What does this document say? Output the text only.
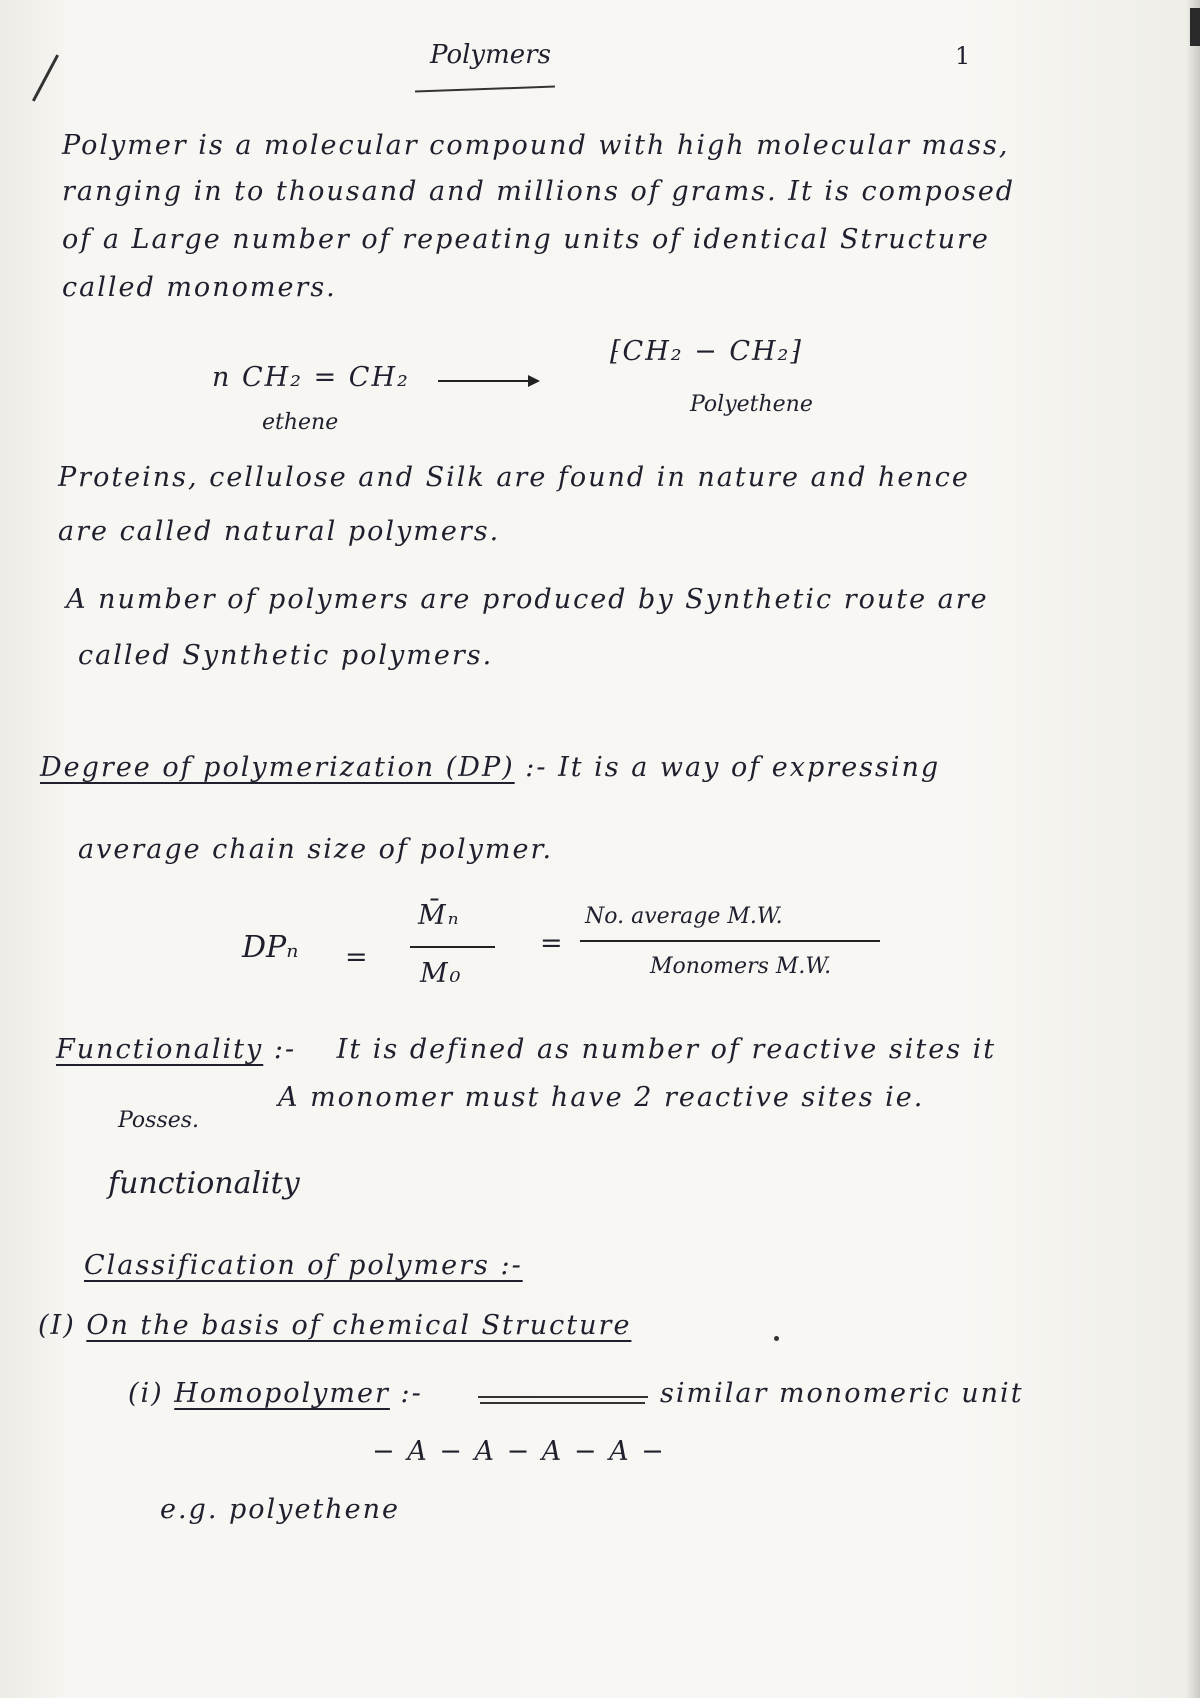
Polymers	1
Polymer is a molecular compound with high molecular mass,
ranging in to thousand and millions of grams. It is composed
of a Large number of repeating units of identical Structure
called monomers.
n CH₂ = CH₂
ethene
⁅CH₂ − CH₂⁆
Polyethene
Proteins, cellulose and Silk are found in nature and hence
are called natural polymers.
A number of polymers are produced by Synthetic route are
called Synthetic polymers.
Degree of polymerization (DP) :- It is a way of expressing
average chain size of polymer.
DPₙ =
M̄ₙ
M₀
=
No. average M.W.
Monomers M.W.
Functionality :- It is defined as number of reactive sites it
Posses.
A monomer must have 2 reactive sites ie.
functionality
Classification of polymers :-
(I) On the basis of chemical Structure
(i) Homopolymer :-	similar monomeric unit
− A − A − A − A −
e.g. polyethene
